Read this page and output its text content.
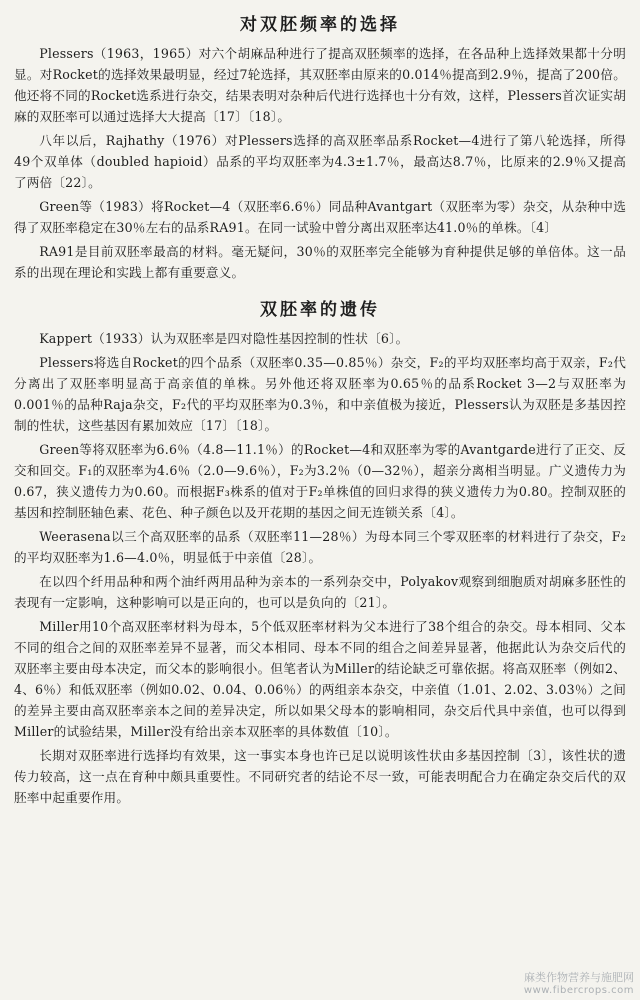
对双胚频率的选择

Plessers（1963，1965）对六个胡麻品种进行了提高双胚频率的选择，在各品种上选择效果都十分明显。对Rocket的选择效果最明显，经过7轮选择，其双胚率由原来的0.014％提高到2.9％，提高了200倍。他还将不同的Rocket选系进行杂交，结果表明对杂种后代进行选择也十分有效，这样，Plessers首次证实胡麻的双胚率可以通过选择大大提高〔17〕〔18〕。

八年以后，Rajhathy（1976）对Plessers选择的高双胚率品系Rocket—4进行了第八轮选择，所得49个双单体（doubled hapioid）品系的平均双胚率为4.3±1.7％，最高达8.7％，比原来的2.9％又提高了两倍〔22〕。

Green等（1983）将Rocket—4（双胚率6.6％）同品种Avantgart（双胚率为零）杂交，从杂种中选得了双胚率稳定在30％左右的品系RA91。在同一试验中曾分离出双胚率达41.0％的单株。〔4〕

RA91是目前双胚率最高的材料。毫无疑问，30％的双胚率完全能够为育种提供足够的单倍体。这一品系的出现在理论和实践上都有重要意义。

双胚率的遗传

Kappert（1933）认为双胚率是四对隐性基因控制的性状〔6〕。

Plessers将选自Rocket的四个品系（双胚率0.35—0.85％）杂交，F₂的平均双胚率均高于双亲，F₂代分离出了双胚率明显高于高亲值的单株。另外他还将双胚率为0.65％的品系Rocket 3—2与双胚率为0.001％的品种Raja杂交，F₂代的平均双胚率为0.3％，和中亲值极为接近，Plessers认为双胚是多基因控制的性状，这些基因有累加效应〔17〕〔18〕。

Green等将双胚率为6.6％（4.8—11.1％）的Rocket—4和双胚率为零的Avantgarde进行了正交、反交和回交。F₁的双胚率为4.6％（2.0—9.6％），F₂为3.2％（0—32％），超亲分离相当明显。广义遗传力为0.67，狭义遗传力为0.60。而根据F₃株系的值对于F₂单株值的回归求得的狭义遗传力为0.80。控制双胚的基因和控制胚轴色素、花色、种子颜色以及开花期的基因之间无连锁关系〔4〕。

Weerasena以三个高双胚率的品系（双胚率11—28％）为母本同三个零双胚率的材料进行了杂交，F₂的平均双胚率为1.6—4.0％，明显低于中亲值〔28〕。

在以四个纤用品种和两个油纤两用品种为亲本的一系列杂交中，Polyakov观察到细胞质对胡麻多胚性的表现有一定影响，这种影响可以是正向的，也可以是负向的〔21〕。

Miller用10个高双胚率材料为母本，5个低双胚率材料为父本进行了38个组合的杂交。母本相同、父本不同的组合之间的双胚率差异不显著，而父本相同、母本不同的组合之间差异显著，他据此认为杂交后代的双胚率主要由母本决定，而父本的影响很小。但笔者认为Miller的结论缺乏可靠依据。将高双胚率（例如2、4、6％）和低双胚率（例如0.02、0.04、0.06％）的两组亲本杂交，中亲值（1.01、2.02、3.03％）之间的差异主要由高双胚率亲本之间的差异决定，所以如果父母本的影响相同，杂交后代具中亲值，也可以得到Miller的试验结果，Miller没有给出亲本双胚率的具体数值〔10〕。

长期对双胚率进行选择均有效果，这一事实本身也许已足以说明该性状由多基因控制〔3〕，该性状的遗传力较高，这一点在育种中颇具重要性。不同研究者的结论不尽一致，可能表明配合力在确定杂交后代的双胚率中起重要作用。

麻类作物营养与施肥网
www.fibercrops.com
